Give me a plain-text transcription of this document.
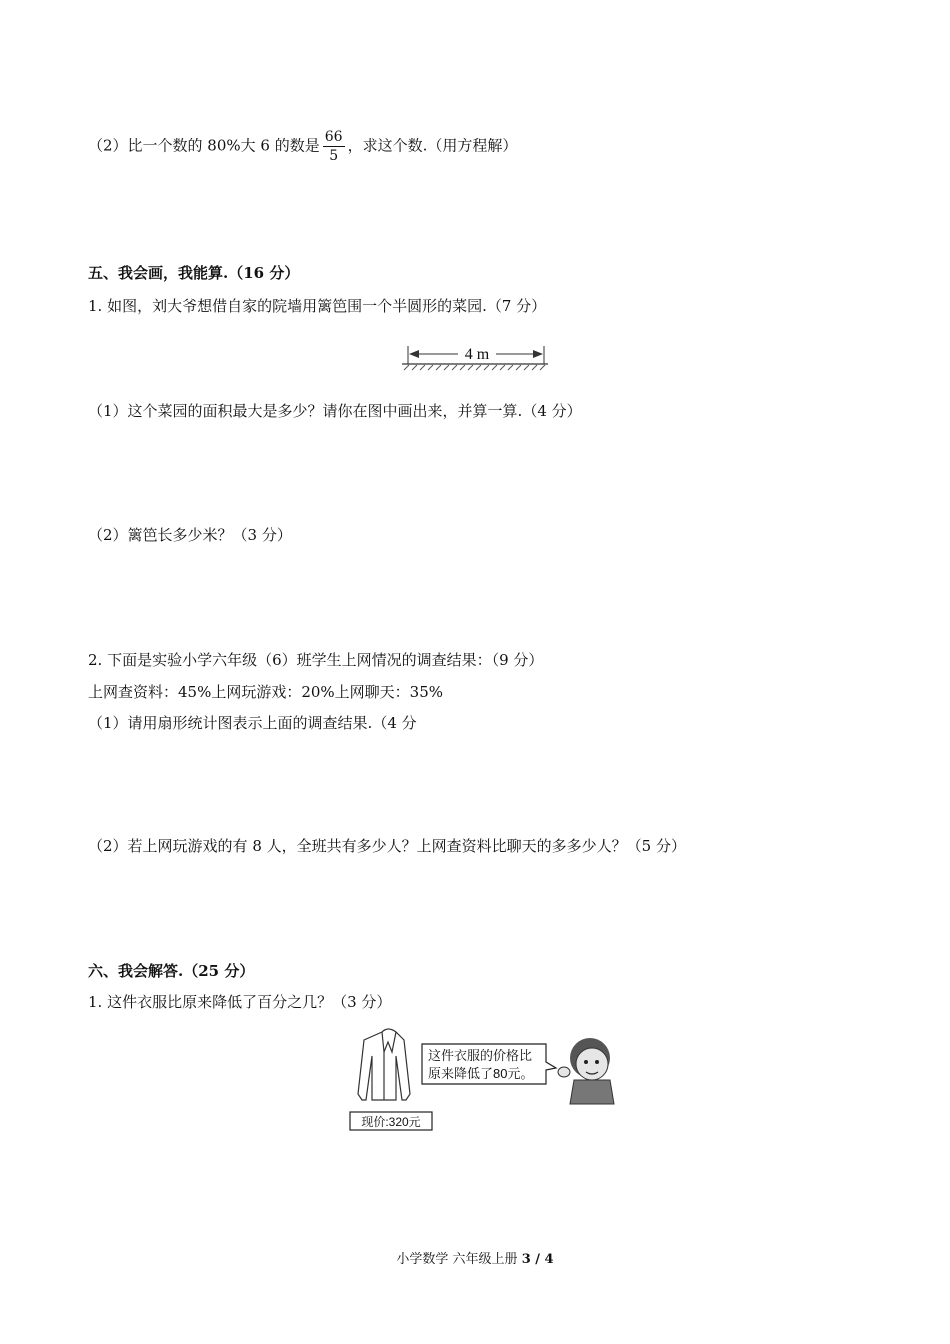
（2）比一个数的 80%大 6 的数是 $\frac{66}{5}$ ，求这个数.（用方程解）
五、我会画，我能算.（16 分）
1. 如图，刘大爷想借自家的院墙用篱笆围一个半圆形的菜园.（7 分）
4 m
（1）这个菜园的面积最大是多少？请你在图中画出来，并算一算.（4 分）
（2）篱笆长多少米？（3 分）
2. 下面是实验小学六年级（6）班学生上网情况的调查结果：（9 分）
上网查资料：45%上网玩游戏：20%上网聊天：35%
（1）请用扇形统计图表示上面的调查结果.（4 分
（2）若上网玩游戏的有 8 人，全班共有多少人？上网查资料比聊天的多多少人？（5 分）
六、我会解答.（25 分）
1. 这件衣服比原来降低了百分之几？（3 分）
现价:320元
这件衣服的价格比
原来降低了80元。
小学数学 六年级上册 3 / 4
